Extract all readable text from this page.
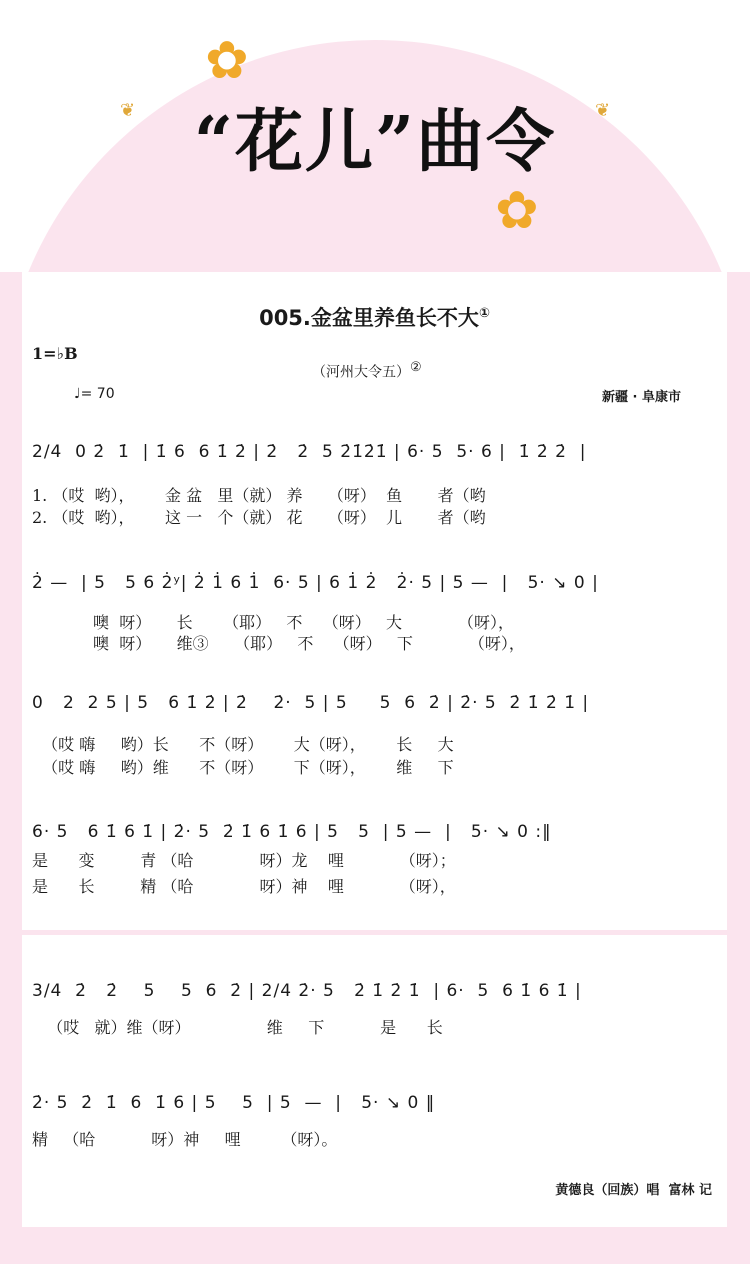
✿
✿
❦	❦
“花儿”曲令
005.金盆里养鱼长不大①
1=♭B
（河州大令五）②
♩= 70	新疆 · 阜康市
2/4  0 2̇  1̇  | 1̇ 6  6 1̇ 2̇ | 2̇   2̇  5 2̇1̇2̇1̇ | 6· 5  5· 6 |  1̇ 2̇ 2̇  |
1. （哎  哟），      金 盆   里（就） 养     （呀）  鱼       者（哟
2. （哎  哟），      这 一   个（就） 花     （呀）  儿       者（哟
2̇ —  | 5   5 6 2̇ʸ| 2̇ 1̇ 6 1̇  6· 5 | 6 1̇ 2̇   2̇· 5 | 5 —  |   5· ↘ 0 |
噢  呀）     长      （耶）   不    （呀）   大           （呀），
噢  呀）     维③     （耶）   不    （呀）   下           （呀），
0   2  2 5 | 5   6 1̇ 2̇ | 2̇    2̇·  5 | 5     5  6  2̇ | 2̇· 5  2̇ 1̇ 2̇ 1̇ |
（哎 嗨     哟）长      不（呀）      大（呀），      长     大
（哎 嗨     哟）维      不（呀）      下（呀），      维     下
6· 5   6 1̇ 6 1̇ | 2̇· 5  2̇ 1̇ 6 1̇ 6 | 5   5  | 5 —  |   5· ↘ 0 :‖
是      变         青 （哈             呀）龙    哩           （呀）；
是      长         精 （哈             呀）神    哩           （呀），
3/4  2̇   2̇    5    5  6  2̇ | 2/4 2̇· 5   2̇ 1̇ 2̇ 1̇  | 6·  5  6 1̇ 6 1̇ |
（哎   就）维（呀）               维     下           是      长
2̇· 5  2̇  1̇  6  1̇ 6 | 5    5  | 5  —  |   5· ↘ 0 ‖
精   （哈           呀）神     哩        （呀）。
黄德良（回族）唱  富林 记
